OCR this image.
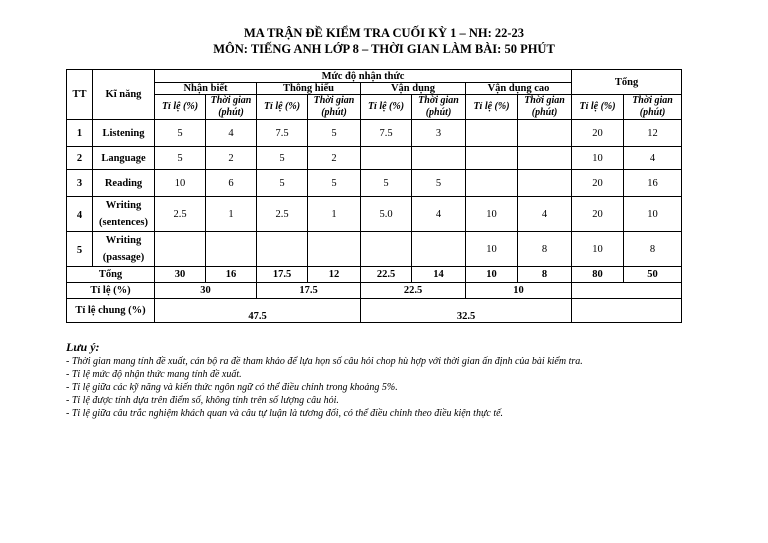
MA TRẬN ĐỀ KIỂM TRA CUỐI KỲ 1 – NH: 22-23
MÔN: TIẾNG ANH LỚP 8 – THỜI GIAN LÀM BÀI: 50 PHÚT
TT	Kĩ năng	Mức độ nhận thức								Tổng	
		Nhận biết		Thông hiểu		Vận dụng		Vận dụng cao			
		Tỉ lệ (%)	Thời gian (phút)	Tỉ lệ (%)	Thời gian (phút)	Tỉ lệ (%)	Thời gian (phút)	Tỉ lệ (%)	Thời gian (phút)	Tỉ lệ (%)	Thời gian (phút)
1	Listening	5	4	7.5	5	7.5	3			20	12
2	Language	5	2	5	2					10	4
3	Reading	10	6	5	5	5	5			20	16
4	Writing
(sentences)	2.5	1	2.5	1	5.0	4	10	4	20	10
5	Writing
(passage)							10	8	10	8
Tổng		30	16	17.5	12	22.5	14	10	8	80	50
Tỉ lệ (%)		30		17.5		22.5		10			
Tỉ lệ chung (%)		47.5				32.5					
Lưu ý:
- Thời gian mang tính đề xuất, cán bộ ra đề tham khảo để lựa họn số câu hỏi chop hù hợp với thời gian ấn định của bài kiểm tra.
- Tỉ lệ mức độ nhận thức mang tính đề xuất.
- Tỉ lệ giữa các kỹ năng và kiến thức ngôn ngữ có thể điều chỉnh trong khoảng 5%.
- Tỉ lệ được tính dựa trên điểm số, không tính trên số lượng câu hỏi.
- Tỉ lệ giữa câu trắc nghiệm khách quan và câu tự luận là tương đối, có thể điều chỉnh theo điều kiện thực tế.
